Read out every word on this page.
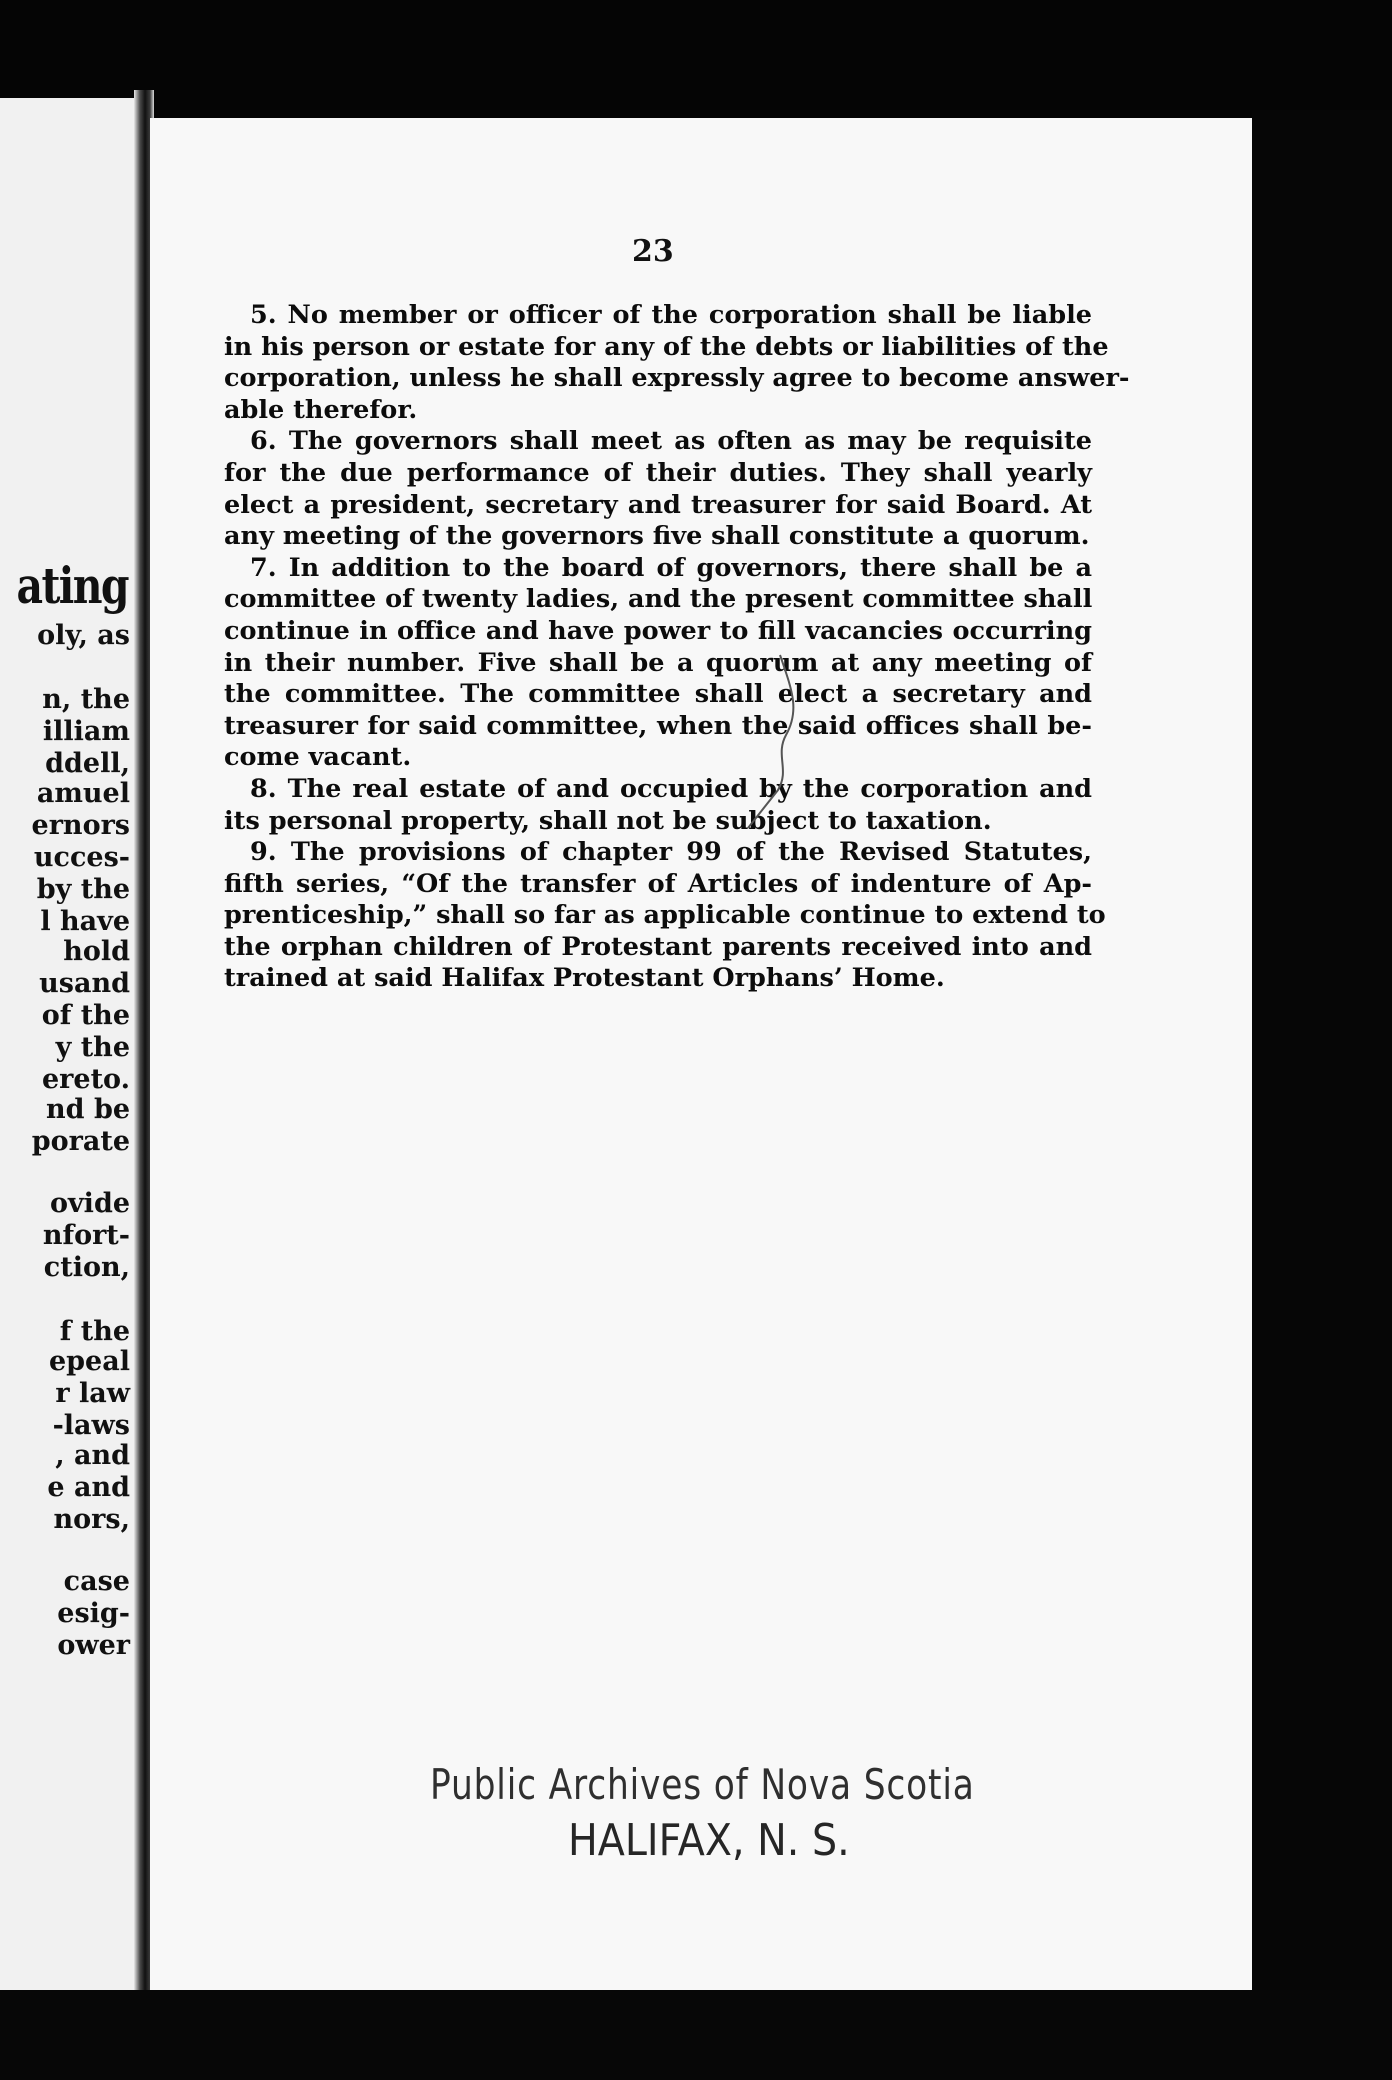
ating
oly, as
n, the
illiam
ddell,
amuel
ernors
ucces-
by the
l have
hold
usand
of the
y the
ereto.
nd be
porate
ovide
nfort-
ction,
f the
epeal
r law
-laws
, and
e and
nors,
case
esig-
ower
23
5. No member or officer of the corporation shall be liable
in his person or estate for any of the debts or liabilities of the
corporation, unless he shall expressly agree to become answer-
able therefor.
6. The governors shall meet as often as may be requisite
for the due performance of their duties. They shall yearly
elect a president, secretary and treasurer for said Board. At
any meeting of the governors five shall constitute a quorum.
7. In addition to the board of governors, there shall be a
committee of twenty ladies, and the present committee shall
continue in office and have power to fill vacancies occurring
in their number. Five shall be a quorum at any meeting of
the committee. The committee shall elect a secretary and
treasurer for said committee, when the said offices shall be-
come vacant.
8. The real estate of and occupied by the corporation and
its personal property, shall not be subject to taxation.
9. The provisions of chapter 99 of the Revised Statutes,
fifth series, “Of the transfer of Articles of indenture of Ap-
prenticeship,” shall so far as applicable continue to extend to
the orphan children of Protestant parents received into and
trained at said Halifax Protestant Orphans’ Home.
Public Archives of Nova Scotia
HALIFAX, N. S.
